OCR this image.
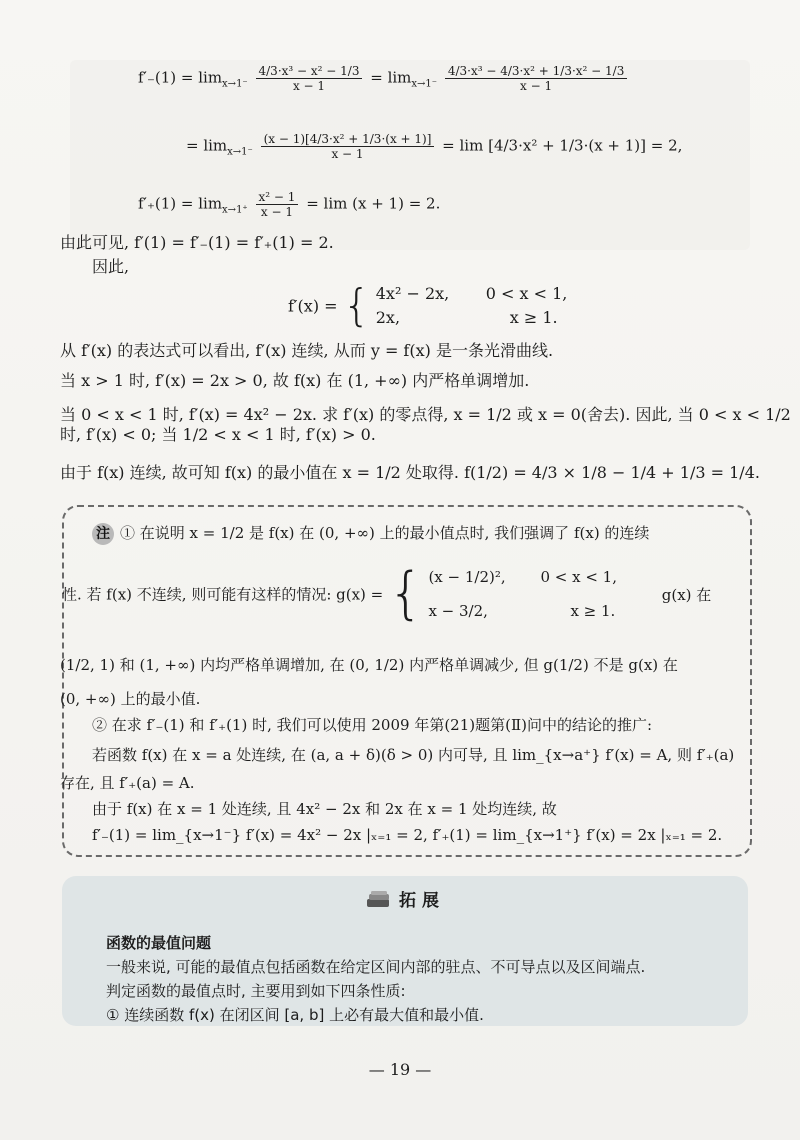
$f'_-(1) = \lim_{x\to 1^-} \frac{\text{4/3·x³ − x² − 1/3}}{x - 1} = \lim_{x\to 1^-} \frac{\text{4/3·x³ − 4/3·x² + 1/3·x² − 1/3}}{x - 1}$
= $\lim_{x\to 1^-} \frac{\text{(x − 1)[4/3·x² + 1/3·(x + 1)]}}{x - 1} = \lim [4/3\cdot x^2 + 1/3\cdot(x + 1)] = 2$,
$f'_+(1) = \lim_{x\to 1^+} \frac{\text{x² − 1}}{x - 1} = \lim (x + 1) = 2$.
由此可见, f′(1) = f′₋(1) = f′₊(1) = 2.
因此,
f′(x) = { 4x² − 2x, 0 < x < 1,
2x,	x ≥ 1.
从 f′(x) 的表达式可以看出, f′(x) 连续, 从而 y = f(x) 是一条光滑曲线.
当 x > 1 时, f′(x) = 2x > 0, 故 f(x) 在 (1, +∞) 内严格单调增加.
当 0 < x < 1 时, f′(x) = 4x² − 2x. 求 f′(x) 的零点得, x = 1/2 或 x = 0(舍去). 因此, 当 0 < x < 1/2
时, f′(x) < 0; 当 1/2 < x < 1 时, f′(x) > 0.
由于 f(x) 连续, 故可知 f(x) 的最小值在 x = 1/2 处取得. f(1/2) = 4/3 × 1/8 − 1/4 + 1/3 = 1/4.
注 ① 在说明 x = 1/2 是 f(x) 在 (0, +∞) 上的最小值点时, 我们强调了 f(x) 的连续
性. 若 f(x) 不连续, 则可能有这样的情况: g(x) = { (x − 1/2)², 0 < x < 1,
x − 3/2,	x ≥ 1.
g(x) 在
(1/2, 1) 和 (1, +∞) 内均严格单调增加, 在 (0, 1/2) 内严格单调减少, 但 g(1/2) 不是 g(x) 在
(0, +∞) 上的最小值.
② 在求 f′₋(1) 和 f′₊(1) 时, 我们可以使用 2009 年第(21)题第(Ⅱ)问中的结论的推广:
若函数 f(x) 在 x = a 处连续, 在 (a, a + δ)(δ > 0) 内可导, 且 lim_{x→a⁺} f′(x) = A, 则 f′₊(a)
存在, 且 f′₊(a) = A.
由于 f(x) 在 x = 1 处连续, 且 4x² − 2x 和 2x 在 x = 1 处均连续, 故
f′₋(1) = lim_{x→1⁻} f′(x) = 4x² − 2x |ₓ₌₁ = 2, f′₊(1) = lim_{x→1⁺} f′(x) = 2x |ₓ₌₁ = 2.
拓展
函数的最值问题
一般来说, 可能的最值点包括函数在给定区间内部的驻点、不可导点以及区间端点.
判定函数的最值点时, 主要用到如下四条性质:
① 连续函数 f(x) 在闭区间 [a, b] 上必有最大值和最小值.
— 19 —
